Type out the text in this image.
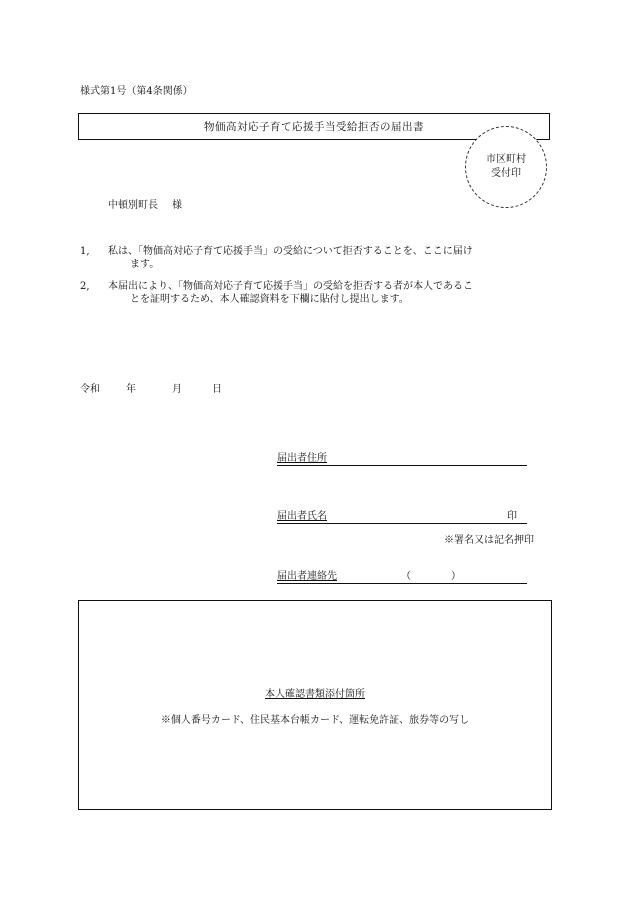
様式第1号（第4条関係）
物価高対応子育て応援手当受給拒否の届出書
市区町村
受付印
中頓別町長 様
1, 私は、「物価高対応子育て応援手当」の受給について拒否することを、ここに届け
ます。
2, 本届出により、「物価高対応子育て応援手当」の受給を拒否する者が本人であるこ
とを証明するため、本人確認資料を下欄に貼付し提出します。
令和	年	月	日
届出者住所
届出者氏名	印
※署名又は記名押印
届出者連絡先	（	）
本人確認書類添付箇所
※個人番号カード、住民基本台帳カード、運転免許証、旅券等の写し
